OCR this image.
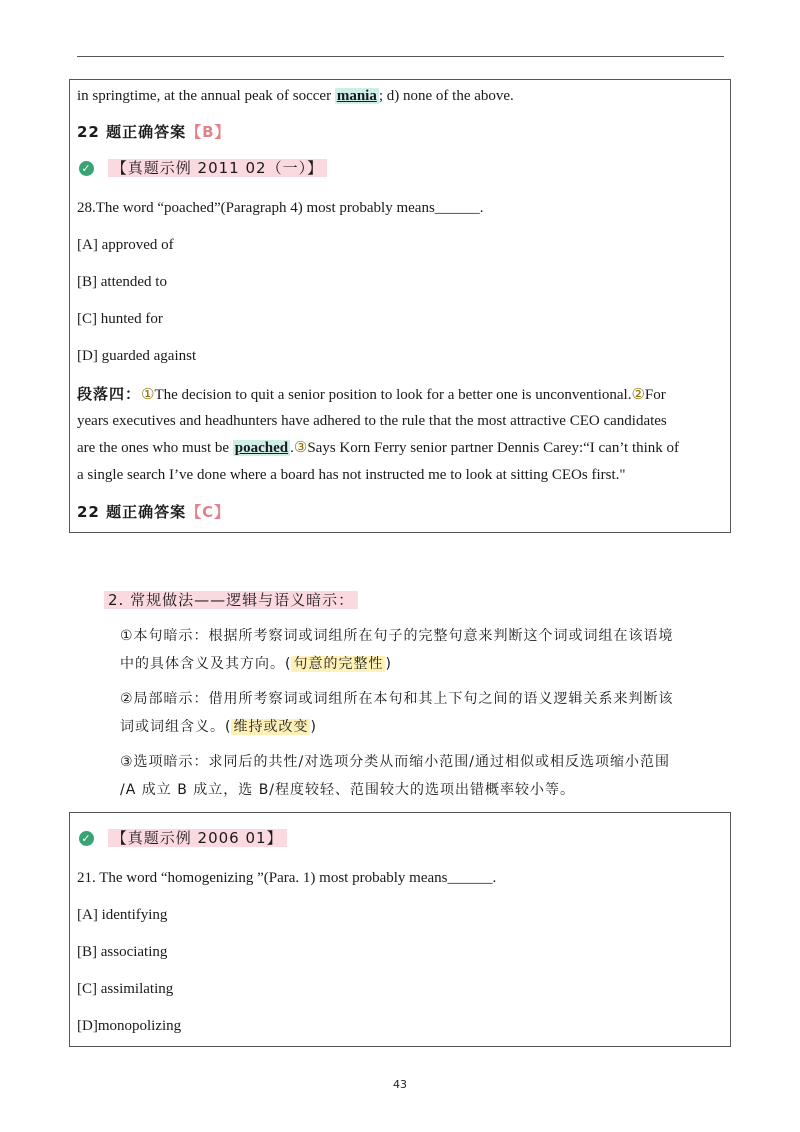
in springtime, at the annual peak of soccer mania ; d) none of the above.
22 题正确答案【B】
✓ 【真题示例 2011 02（一）】
28.The word “poached”(Paragraph 4) most probably means______.
[A] approved of
[B] attended to
[C] hunted for
[D] guarded against
段落四：①The decision to quit a senior position to look for a better one is unconventional.②For
years executives and headhunters have adhered to the rule that the most attractive CEO candidates
are the ones who must be poached .③Says Korn Ferry senior partner Dennis Carey:“I can’t think of
a single search I’ve done where a board has not instructed me to look at sitting CEOs first."
22 题正确答案【C】
2. 常规做法——逻辑与语义暗示：
①本句暗示：根据所考察词或词组所在句子的完整句意来判断这个词或词组在该语境
中的具体含义及其方向。( 句意的完整性 )
②局部暗示：借用所考察词或词组所在本句和其上下句之间的语义逻辑关系来判断该
词或词组含义。( 维持或改变 )
③选项暗示：求同后的共性/对选项分类从而缩小范围/通过相似或相反选项缩小范围
/A 成立 B 成立，选 B/程度较轻、范围较大的选项出错概率较小等。
✓ 【真题示例 2006 01】
21. The word “homogenizing ”(Para. 1) most probably means______.
[A] identifying
[B] associating
[C] assimilating
[D]monopolizing
43
